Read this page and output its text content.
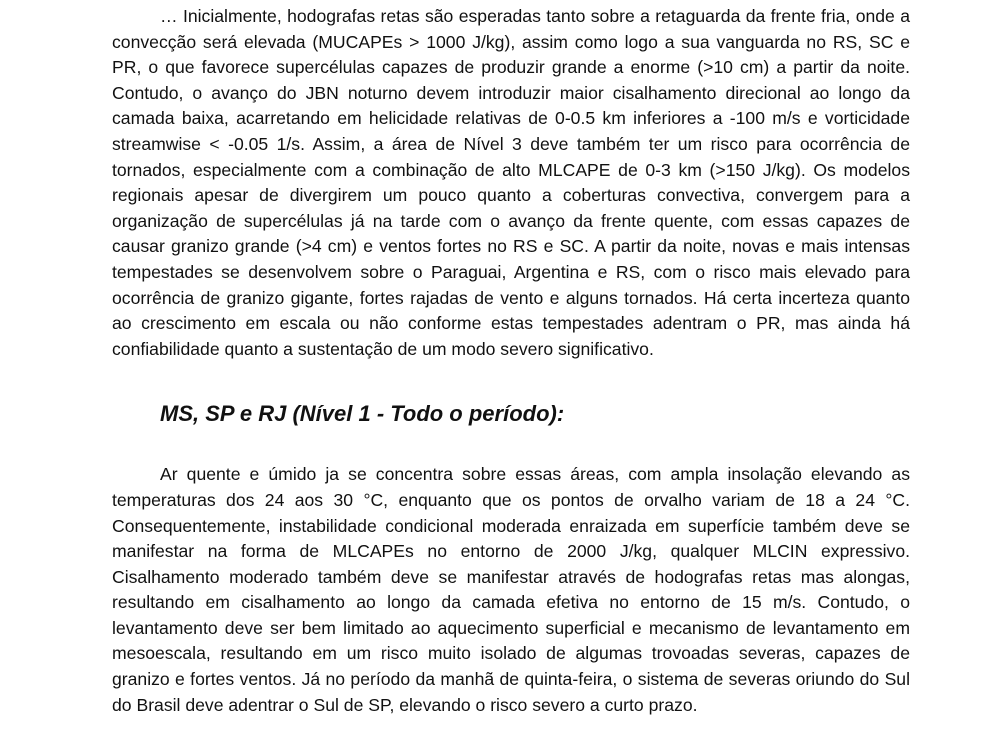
… Inicialmente, hodografas retas são esperadas tanto sobre a retaguarda da frente fria, onde a convecção será elevada (MUCAPEs > 1000 J/kg), assim como logo a sua vanguarda no RS, SC e PR, o que favorece supercélulas capazes de produzir grande a enorme (>10 cm) a partir da noite. Contudo, o avanço do JBN noturno devem introduzir maior cisalhamento direcional ao longo da camada baixa, acarretando em helicidade relativas de 0-0.5 km inferiores a -100 m/s e vorticidade streamwise < -0.05 1/s. Assim, a área de Nível 3 deve também ter um risco para ocorrência de tornados, especialmente com a combinação de alto MLCAPE de 0-3 km (>150 J/kg). Os modelos regionais apesar de divergirem um pouco quanto a coberturas convectiva, convergem para a organização de supercélulas já na tarde com o avanço da frente quente, com essas capazes de causar granizo grande (>4 cm) e ventos fortes no RS e SC. A partir da noite, novas e mais intensas tempestades se desenvolvem sobre o Paraguai, Argentina e RS, com o risco mais elevado para ocorrência de granizo gigante, fortes rajadas de vento e alguns tornados. Há certa incerteza quanto ao crescimento em escala ou não conforme estas tempestades adentram o PR, mas ainda há confiabilidade quanto a sustentação de um modo severo significativo.

MS, SP e RJ (Nível 1 - Todo o período):

Ar quente e úmido ja se concentra sobre essas áreas, com ampla insolação elevando as temperaturas dos 24 aos 30 °C, enquanto que os pontos de orvalho variam de 18 a 24 °C. Consequentemente, instabilidade condicional moderada enraizada em superfície também deve se manifestar na forma de MLCAPEs no entorno de 2000 J/kg, qualquer MLCIN expressivo. Cisalhamento moderado também deve se manifestar através de hodografas retas mas alongas, resultando em cisalhamento ao longo da camada efetiva no entorno de 15 m/s. Contudo, o levantamento deve ser bem limitado ao aquecimento superficial e mecanismo de levantamento em mesoescala, resultando em um risco muito isolado de algumas trovoadas severas, capazes de granizo e fortes ventos. Já no período da manhã de quinta-feira, o sistema de severas oriundo do Sul do Brasil deve adentrar o Sul de SP, elevando o risco severo a curto prazo.
